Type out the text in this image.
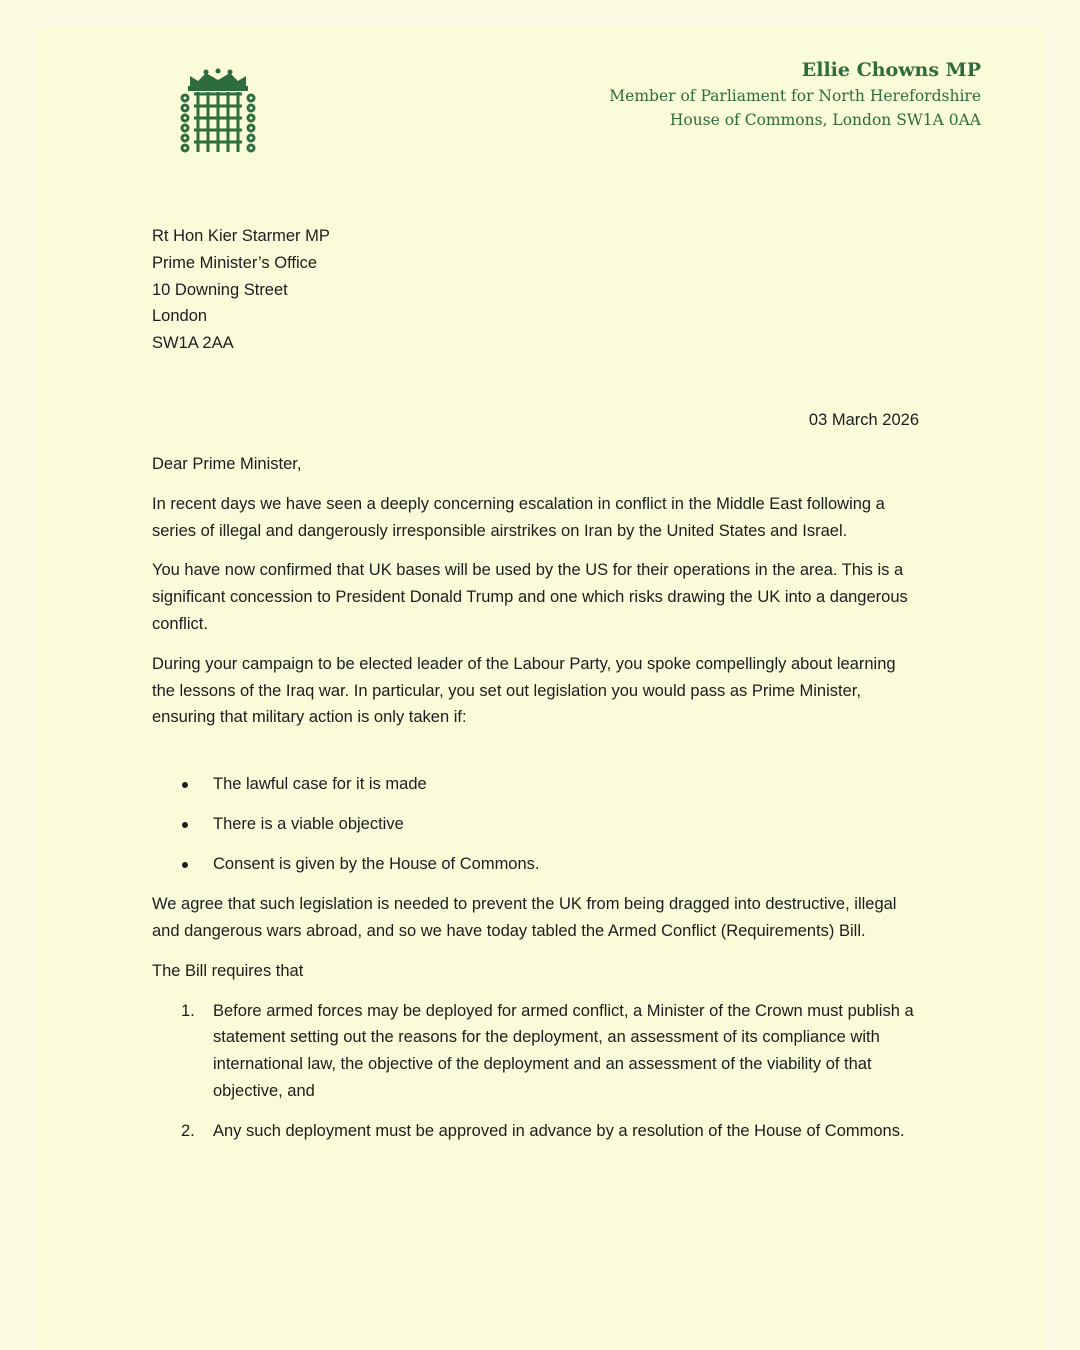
Ellie Chowns MP
Member of Parliament for North Herefordshire
House of Commons, London SW1A 0AA
Rt Hon Kier Starmer MP
Prime Minister’s Office
10 Downing Street
London
SW1A 2AA
03 March 2026

Dear Prime Minister,

In recent days we have seen a deeply concerning escalation in conflict in the Middle East following a series of illegal and dangerously irresponsible airstrikes on Iran by the United States and Israel.

You have now confirmed that UK bases will be used by the US for their operations in the area. This is a significant concession to President Donald Trump and one which risks drawing the UK into a dangerous conflict.

During your campaign to be elected leader of the Labour Party, you spoke compellingly about learning the lessons of the Iraq war. In particular, you set out legislation you would pass as Prime Minister, ensuring that military action is only taken if:

The lawful case for it is made
There is a viable objective
Consent is given by the House of Commons.

We agree that such legislation is needed to prevent the UK from being dragged into destructive, illegal and dangerous wars abroad, and so we have today tabled the Armed Conflict (Requirements) Bill.

The Bill requires that

1. Before armed forces may be deployed for armed conflict, a Minister of the Crown must publish a statement setting out the reasons for the deployment, an assessment of its compliance with international law, the objective of the deployment and an assessment of the viability of that objective, and
2. Any such deployment must be approved in advance by a resolution of the House of Commons.
